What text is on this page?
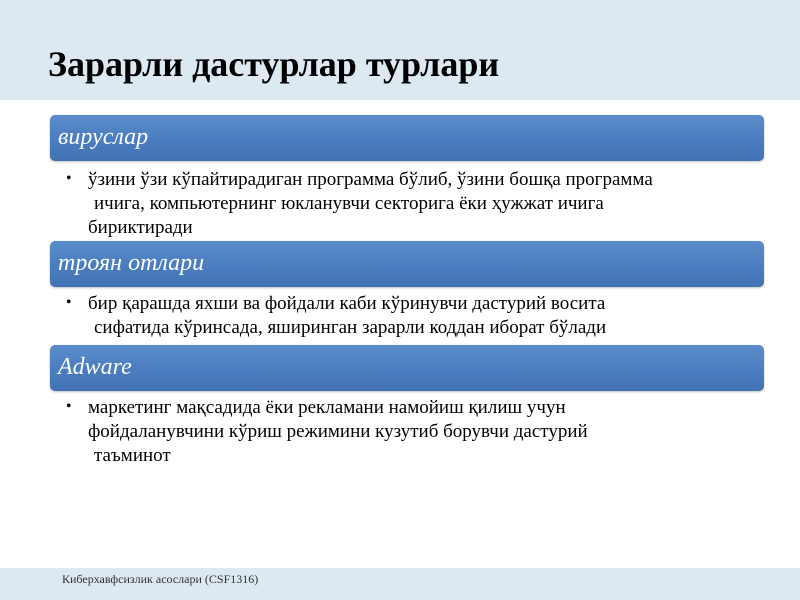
Зарарли дастурлар турлари
вируслар
• ўзини ўзи кўпайтирадиган программа бўлиб, ўзини бошқа программа
ичига, компьютернинг юкланувчи секторига ёки ҳужжат ичига
бириктиради
троян отлари
• бир қарашда яхши ва фойдали каби кўринувчи дастурий восита
сифатида кўринсада, яширинган зарарли коддан иборат бўлади
Adware
• маркетинг мақсадида ёки рекламани намойиш қилиш учун
фойдаланувчини кўриш режимини кузутиб борувчи дастурий
таъминот
Киберхавфсизлик асослари (CSF1316)
